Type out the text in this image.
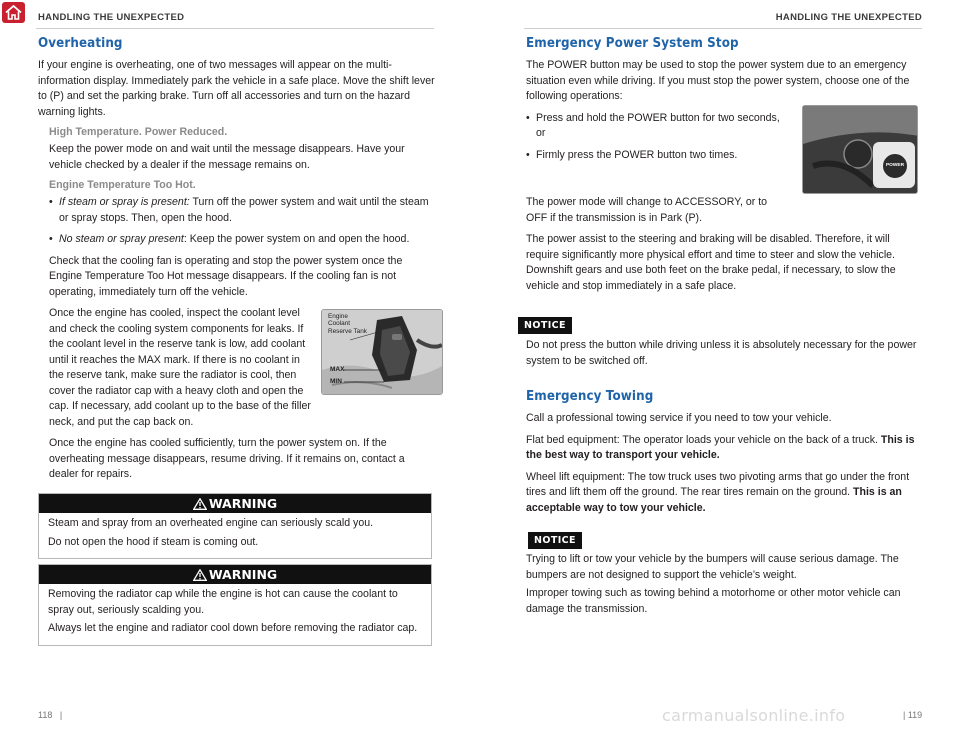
HANDLING THE UNEXPECTED	HANDLING THE UNEXPECTED
Overheating

If your engine is overheating, one of two messages will appear on the multi-information display. Immediately park the vehicle in a safe place. Move the shift lever to (P) and set the parking brake. Turn off all accessories and turn on the hazard warning lights.

High Temperature. Power Reduced.

Keep the power mode on and wait until the message disappears. Have your vehicle checked by a dealer if the message remains on.

Engine Temperature Too Hot.
• If steam or spray is present: Turn off the power system and wait until the steam or spray stops. Then, open the hood.
• No steam or spray present: Keep the power system on and open the hood.

Check that the cooling fan is operating and stop the power system once the Engine Temperature Too Hot message disappears. If the cooling fan is not operating, immediately turn off the vehicle.

Once the engine has cooled, inspect the coolant level and check the cooling system components for leaks. If the coolant level in the reserve tank is low, add coolant until it reaches the MAX mark. If there is no coolant in the reserve tank, make sure the radiator is cool, then cover the radiator cap with a heavy cloth and open the cap. If necessary, add coolant up to the base of the filler neck, and put the cap back on.

Engine Coolant Reserve Tank
MAX
MIN

Once the engine has cooled sufficiently, turn the power system on. If the overheating message disappears, resume driving. If it remains on, contact a dealer for repairs.

WARNING

Steam and spray from an overheated engine can seriously scald you.

Do not open the hood if steam is coming out.

WARNING

Removing the radiator cap while the engine is hot can cause the coolant to spray out, seriously scalding you.

Always let the engine and radiator cool down before removing the radiator cap.

Emergency Power System Stop

The POWER button may be used to stop the power system due to an emergency situation even while driving. If you must stop the power system, choose one of the following operations:

• Press and hold the POWER button for two seconds, or
• Firmly press the POWER button two times.

The power mode will change to ACCESSORY, or to OFF if the transmission is in Park (P).

The power assist to the steering and braking will be disabled. Therefore, it will require significantly more physical effort and time to steer and slow the vehicle. Downshift gears and use both feet on the brake pedal, if necessary, to slow the vehicle and stop immediately in a safe place.

POWER
NOTICE

Do not press the button while driving unless it is absolutely necessary for the power system to be switched off.

Emergency Towing

Call a professional towing service if you need to tow your vehicle.

Flat bed equipment: The operator loads your vehicle on the back of a truck. This is the best way to transport your vehicle.

Wheel lift equipment: The tow truck uses two pivoting arms that go under the front tires and lift them off the ground. The rear tires remain on the ground. This is an acceptable way to tow your vehicle.

NOTICE

Trying to lift or tow your vehicle by the bumpers will cause serious damage. The bumpers are not designed to support the vehicle’s weight.

Improper towing such as towing behind a motorhome or other motor vehicle can damage the transmission.

118   |	| 119
carmanualsonline.info
